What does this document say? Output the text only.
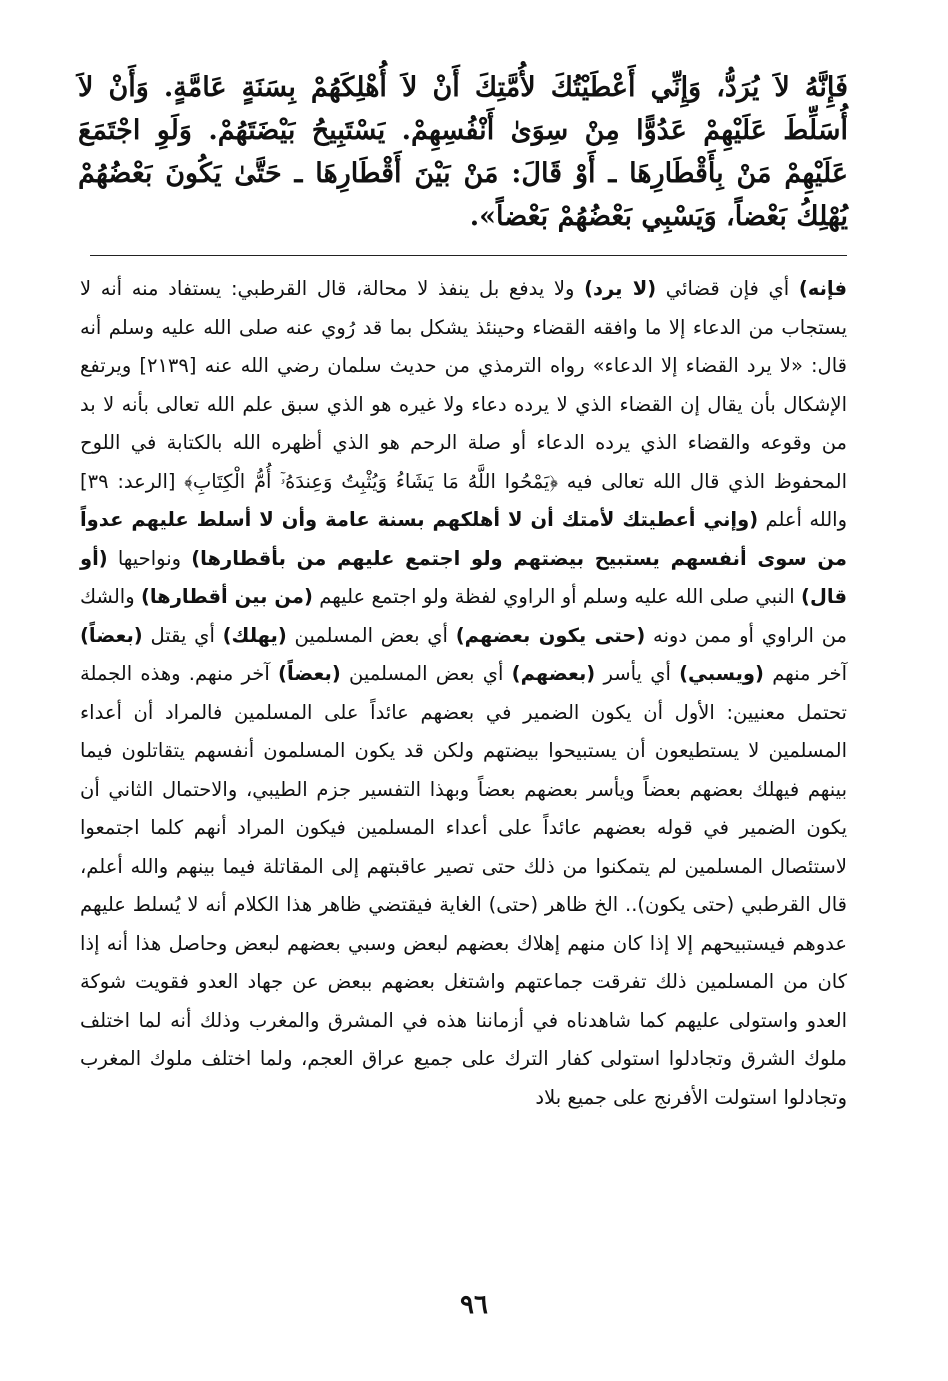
فَإِنَّهُ لاَ يُرَدُّ، وَإِنِّي أَعْطَيْتُكَ لأُمَّتِكَ أَنْ لاَ أُهْلِكَهُمْ بِسَنَةٍ عَامَّةٍ. وَأَنْ لاَ أُسَلِّطَ عَلَيْهِمْ عَدُوًّا مِنْ سِوَىٰ أَنْفُسِهِمْ. يَسْتَبِيحُ بَيْضَتَهُمْ. وَلَوِ اجْتَمَعَ عَلَيْهِمْ مَنْ بِأَقْطَارِهَا ـ أَوْ قَالَ: مَنْ بَيْنَ أَقْطَارِهَا ـ حَتَّىٰ يَكُونَ بَعْضُهُمْ يُهْلِكُ بَعْضاً، وَيَسْبِي بَعْضُهُمْ بَعْضاً».

فإنه) أي فإن قضائي (لا يرد) ولا يدفع بل ينفذ لا محالة، قال القرطبي: يستفاد منه أنه لا يستجاب من الدعاء إلا ما وافقه القضاء وحينئذ يشكل بما قد رُوي عنه صلى الله عليه وسلم أنه قال: «لا يرد القضاء إلا الدعاء» رواه الترمذي من حديث سلمان رضي الله عنه [٢١٣٩] ويرتفع الإشكال بأن يقال إن القضاء الذي لا يرده دعاء ولا غيره هو الذي سبق علم الله تعالى بأنه لا بد من وقوعه والقضاء الذي يرده الدعاء أو صلة الرحم هو الذي أظهره الله بالكتابة في اللوح المحفوظ الذي قال الله تعالى فيه ﴿يَمْحُوا اللَّهُ مَا يَشَاءُ وَيُثْبِتُ وَعِندَهُۥٓ أُمُّ الْكِتَابِ﴾ [الرعد: ٣٩] والله أعلم (وإني أعطيتك لأمتك أن لا أهلكهم بسنة عامة وأن لا أسلط عليهم عدواً من سوى أنفسهم يستبيح بيضتهم ولو اجتمع عليهم من بأقطارها) ونواحيها (أو قال) النبي صلى الله عليه وسلم أو الراوي لفظة ولو اجتمع عليهم (من بين أقطارها) والشك من الراوي أو ممن دونه (حتى يكون بعضهم) أي بعض المسلمين (يهلك) أي يقتل (بعضاً) آخر منهم (ويسبي) أي يأسر (بعضهم) أي بعض المسلمين (بعضاً) آخر منهم. وهذه الجملة تحتمل معنيين: الأول أن يكون الضمير في بعضهم عائداً على المسلمين فالمراد أن أعداء المسلمين لا يستطيعون أن يستبيحوا بيضتهم ولكن قد يكون المسلمون أنفسهم يتقاتلون فيما بينهم فيهلك بعضهم بعضاً ويأسر بعضهم بعضاً وبهذا التفسير جزم الطيبي، والاحتمال الثاني أن يكون الضمير في قوله بعضهم عائداً على أعداء المسلمين فيكون المراد أنهم كلما اجتمعوا لاستئصال المسلمين لم يتمكنوا من ذلك حتى تصير عاقبتهم إلى المقاتلة فيما بينهم والله أعلم، قال القرطبي (حتى يكون).. الخ ظاهر (حتى) الغاية فيقتضي ظاهر هذا الكلام أنه لا يُسلط عليهم عدوهم فيستبيحهم إلا إذا كان منهم إهلاك بعضهم لبعض وسبي بعضهم لبعض وحاصل هذا أنه إذا كان من المسلمين ذلك تفرقت جماعتهم واشتغل بعضهم ببعض عن جهاد العدو فقويت شوكة العدو واستولى عليهم كما شاهدناه في أزماننا هذه في المشرق والمغرب وذلك أنه لما اختلف ملوك الشرق وتجادلوا استولى كفار الترك على جميع عراق العجم، ولما اختلف ملوك المغرب وتجادلوا استولت الأفرنج على جميع بلاد

٩٦
